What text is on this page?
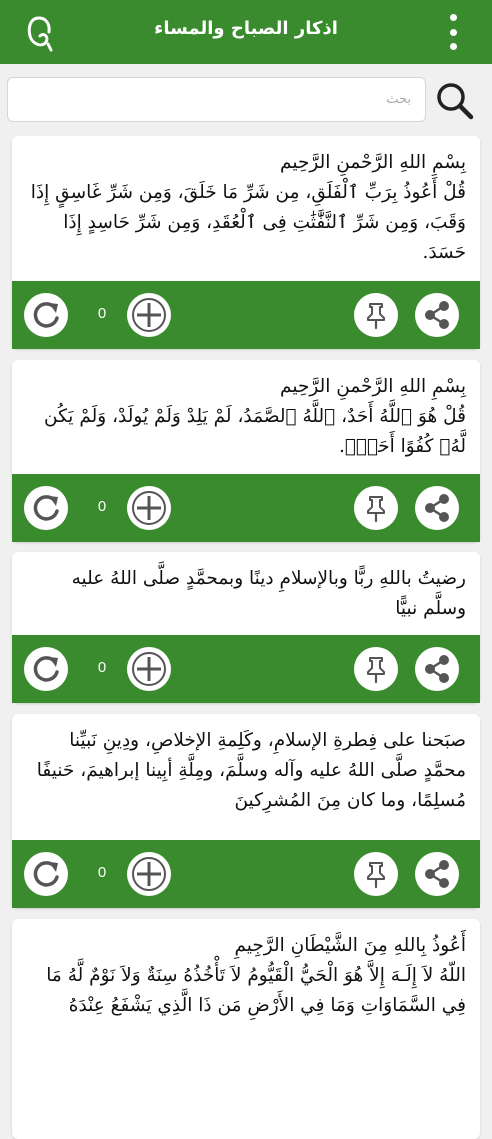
اذكار الصباح والمساء
بحث
بِسْمِ اللهِ الرَّحْمنِ الرَّحِيم
قُلْ أَعُوذُ بِرَبِّ ٱلْفَلَقِ، مِن شَرِّ مَا خَلَقَ، وَمِن شَرِّ غَاسِقٍ إِذَا وَقَبَ، وَمِن شَرِّ ٱلنَّفَّٰثَٰتِ فِى ٱلْعُقَدِ، وَمِن شَرِّ حَاسِدٍ إِذَا حَسَدَ.
0
بِسْمِ اللهِ الرَّحْمنِ الرَّحِيم
قُلْ هُوَ ٱللَّهُ أَحَدٌ، ٱللَّهُ ٱلصَّمَدُ، لَمْ يَلِدْ وَلَمْ يُولَدْ، وَلَمْ يَكُن لَّهُۥ كُفُوًا أَحَدٌۢ.
0
رضيتُ باللهِ ربًّا وبالإسلامِ دينًا وبمحمَّدٍ صلَّى اللهُ عليه وسلَّم نبيًّا
0
صبَحنا على فِطرةِ الإسلامِ، وكَلِمةِ الإخلاصِ، ودِينِ نَبيِّنا محمَّدٍ صلَّى اللهُ عليه وآله وسلَّمَ، ومِلَّةِ أبِينا إبراهيمَ، حَنيفًا مُسلِمًا، وما كان مِنَ المُشرِكينَ
0
أَعُوذُ بِاللهِ مِنَ الشَّيْطَانِ الرَّجِيمِ
اللّهُ لاَ إِلَـهَ إِلاَّ هُوَ الْحَيُّ الْقَيُّومُ لاَ تَأْخُذُهُ سِنَةٌ وَلاَ نَوْمٌ لَّهُ مَا فِي السَّمَاوَاتِ وَمَا فِي الأَرْضِ مَن ذَا الَّذِي يَشْفَعُ عِنْدَهُ
